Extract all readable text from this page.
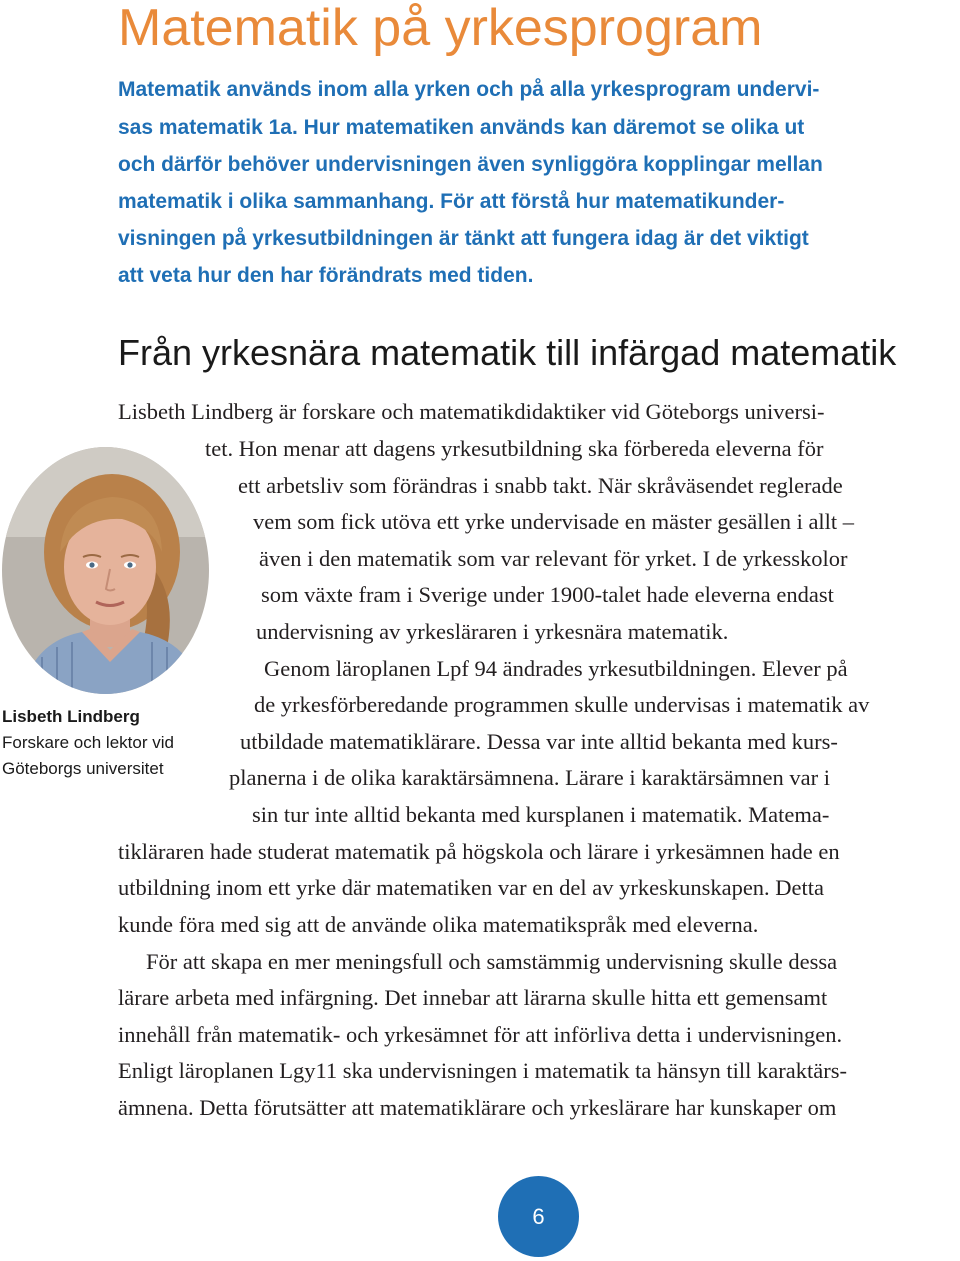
Matematik på yrkesprogram

Matematik används inom alla yrken och på alla yrkesprogram undervi-

sas matematik 1a. Hur matematiken används kan däremot se olika ut

och därför behöver undervisningen även synliggöra kopplingar mellan

matematik i olika sammanhang. För att förstå hur matematikunder-

visningen på yrkesutbildningen är tänkt att fungera idag är det viktigt

att veta hur den har förändrats med tiden.

Från yrkesnära matematik till infärgad matematik

Lisbeth Lindberg
Forskare och lektor vid
Göteborgs universitet

Lisbeth Lindberg är forskare och matematikdidaktiker vid Göteborgs universi-

tet. Hon menar att dagens yrkesutbildning ska förbereda eleverna för

ett arbetsliv som förändras i snabb takt. När skråväsendet reglerade

vem som fick utöva ett yrke undervisade en mäster gesällen i allt –

även i den matematik som var relevant för yrket. I de yrkesskolor

som växte fram i Sverige under 1900-talet hade eleverna endast

undervisning av yrkesläraren i yrkesnära matematik.

Genom läroplanen Lpf 94 ändrades yrkesutbildningen. Elever på

de yrkesförberedande programmen skulle undervisas i matematik av

utbildade matematiklärare. Dessa var inte alltid bekanta med kurs-

planerna i de olika karaktärsämnena. Lärare i karaktärsämnen var i

sin tur inte alltid bekanta med kursplanen i matematik. Matema-

tikläraren hade studerat matematik på högskola och lärare i yrkesämnen hade en

utbildning inom ett yrke där matematiken var en del av yrkeskunskapen. Detta

kunde föra med sig att de använde olika matematikspråk med eleverna.

För att skapa en mer meningsfull och samstämmig undervisning skulle dessa

lärare arbeta med infärgning. Det innebar att lärarna skulle hitta ett gemensamt

innehåll från matematik- och yrkesämnet för att införliva detta i undervisningen.

Enligt läroplanen Lgy11 ska undervisningen i matematik ta hänsyn till karaktärs-

ämnena. Detta förutsätter att matematiklärare och yrkeslärare har kunskaper om

6
